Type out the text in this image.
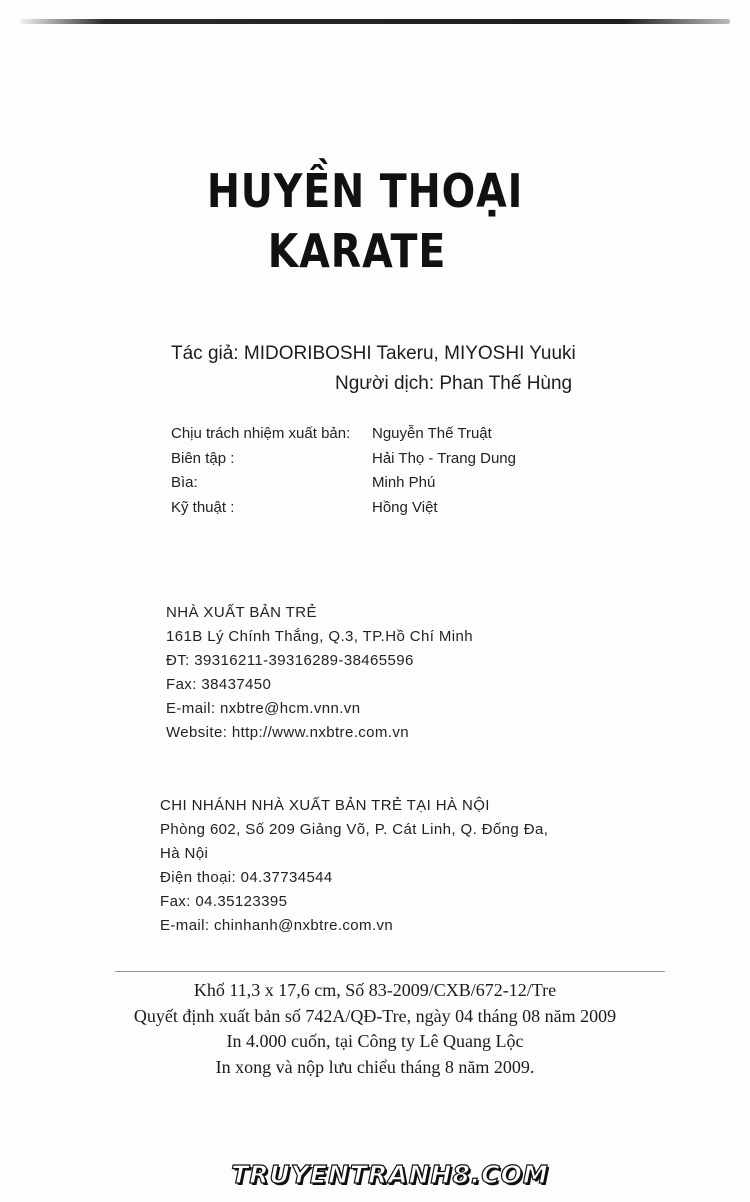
HUYỀN THOẠI
KARATE
Tác giả: MIDORIBOSHI Takeru, MIYOSHI Yuuki
Người dịch: Phan Thế Hùng
Chịu trách nhiệm xuất bản: Nguyễn Thế Truật
Biên tập :	Hải Thọ - Trang Dung
Bìa:	Minh Phú
Kỹ thuật :	Hồng Việt
NHÀ XUẤT BẢN TRẺ
161B Lý Chính Thắng, Q.3, TP.Hồ Chí Minh
ĐT: 39316211-39316289-38465596
Fax: 38437450
E-mail: nxbtre@hcm.vnn.vn
Website: http://www.nxbtre.com.vn
CHI NHÁNH NHÀ XUẤT BẢN TRẺ TẠI HÀ NỘI
Phòng 602, Số 209 Giảng Võ, P. Cát Linh, Q. Đống Đa,
Hà Nội
Điện thoại: 04.37734544
Fax: 04.35123395
E-mail: chinhanh@nxbtre.com.vn
Khổ 11,3 x 17,6 cm, Số 83-2009/CXB/672-12/Tre
Quyết định xuất bản số 742A/QĐ-Tre, ngày 04 tháng 08 năm 2009
In 4.000 cuốn, tại Công ty Lê Quang Lộc
In xong và nộp lưu chiểu tháng 8 năm 2009.
TRUYENTRANH8.COM
